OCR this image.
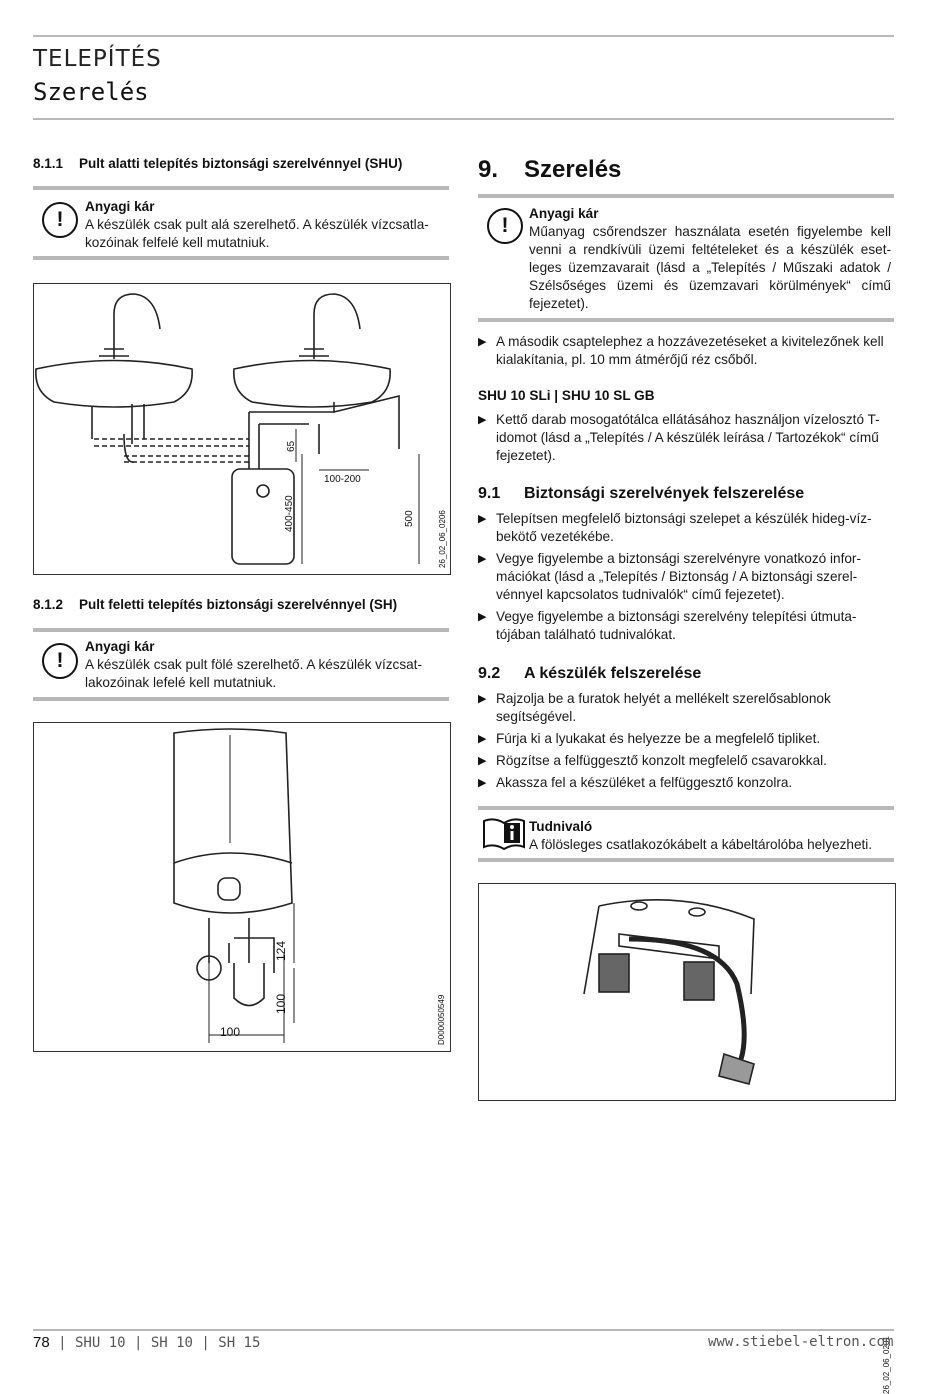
TELEPÍTÉS
Szerelés
8.1.1 Pult alatti telepítés biztonsági szerelvénnyel (SHU)
!
Anyagi kár
A készülék csak pult alá szerelhető. A készülék vízcsatla-kozóinak felfelé kell mutatniuk.
65
100-200
400-450	500	26_02_06_0206
8.1.2 Pult feletti telepítés biztonsági szerelvénnyel (SH)
!
Anyagi kár
A készülék csak pult fölé szerelhető. A készülék vízcsat-lakozóinak lefelé kell mutatniuk.
124
100
100	D0000050549
9. Szerelés
!
Anyagi kár
Műanyag csőrendszer használata esetén figyelembe kell venni a rendkívüli üzemi feltételeket és a készülék eset-leges üzemzavarait (lásd a „Telepítés / Műszaki adatok / Szélsőséges üzemi és üzemzavari körülmények“ című fejezetet).
▶ A második csaptelephez a hozzávezetéseket a kivitelezőnek kell kialakítania, pl. 10 mm átmérőjű réz csőből.
SHU 10 SLi | SHU 10 SL GB
▶ Kettő darab mosogatótálca ellátásához használjon vízelosztó T-idomot (lásd a „Telepítés / A készülék leírása / Tartozékok“ című fejezetet).
9.1 Biztonsági szerelvények felszerelése
▶ Telepítsen megfelelő biztonsági szelepet a készülék hideg-víz-bekötő vezetékébe.
▶ Vegye figyelembe a biztonsági szerelvényre vonatkozó infor-mációkat (lásd a „Telepítés / Biztonság / A biztonsági szerel-vénnyel kapcsolatos tudnivalók“ című fejezetet).
▶ Vegye figyelembe a biztonsági szerelvény telepítési útmuta-tójában található tudnivalókat.
9.2 A készülék felszerelése
▶ Rajzolja be a furatok helyét a mellékelt szerelősablonok segítségével.
▶ Fúrja ki a lyukakat és helyezze be a megfelelő tipliket.
▶ Rögzítse a felfüggesztő konzolt megfelelő csavarokkal.
▶ Akassza fel a készüléket a felfüggesztő konzolra.
Tudnivaló
A fölösleges csatlakozókábelt a kábeltárolóba helyezheti.
26_02_06_0201
78 | SHU 10 | SH 10 | SH 15	www.stiebel-eltron.com
